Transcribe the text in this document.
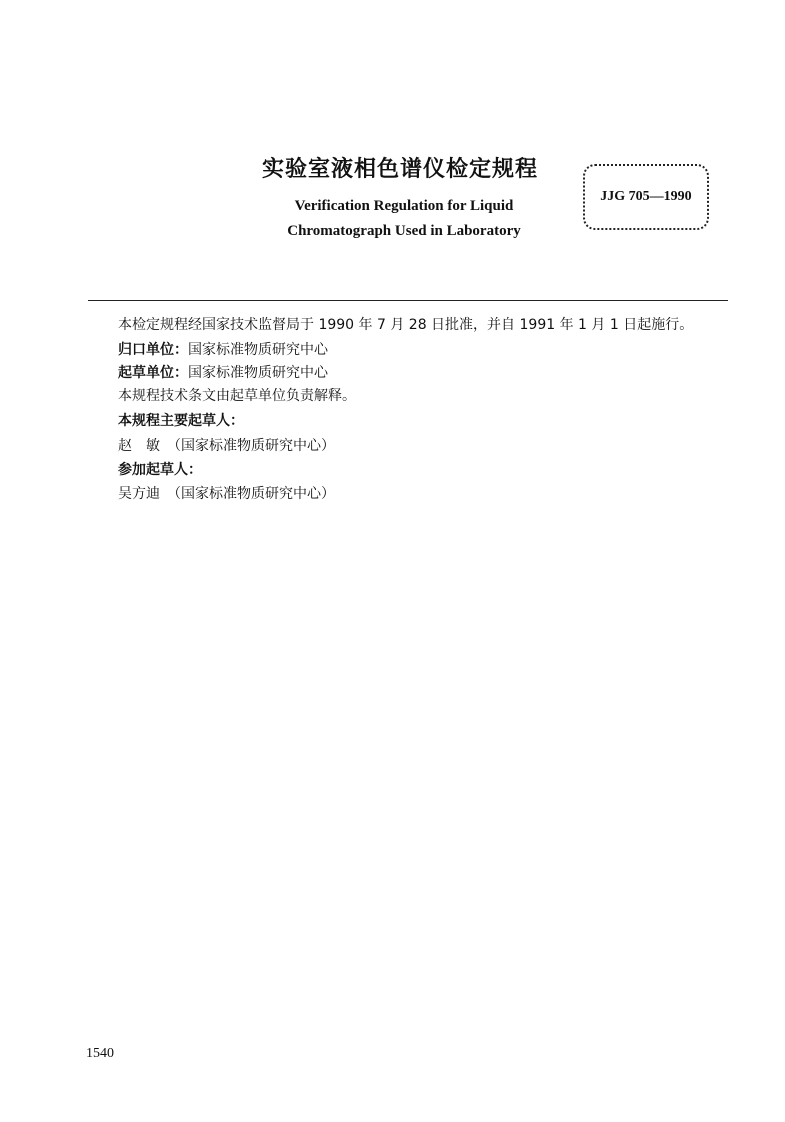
实验室液相色谱仪检定规程
Verification Regulation for Liquid
Chromatograph Used in Laboratory
JJG 705—1990
本检定规程经国家技术监督局于 1990 年 7 月 28 日批准，并自 1991 年 1 月 1 日起施行。
归口单位：国家标准物质研究中心
起草单位：国家标准物质研究中心
本规程技术条文由起草单位负责解释。
本规程主要起草人：
赵　敏　（国家标准物质研究中心）
参加起草人：
吴方迪　（国家标准物质研究中心）
1540
